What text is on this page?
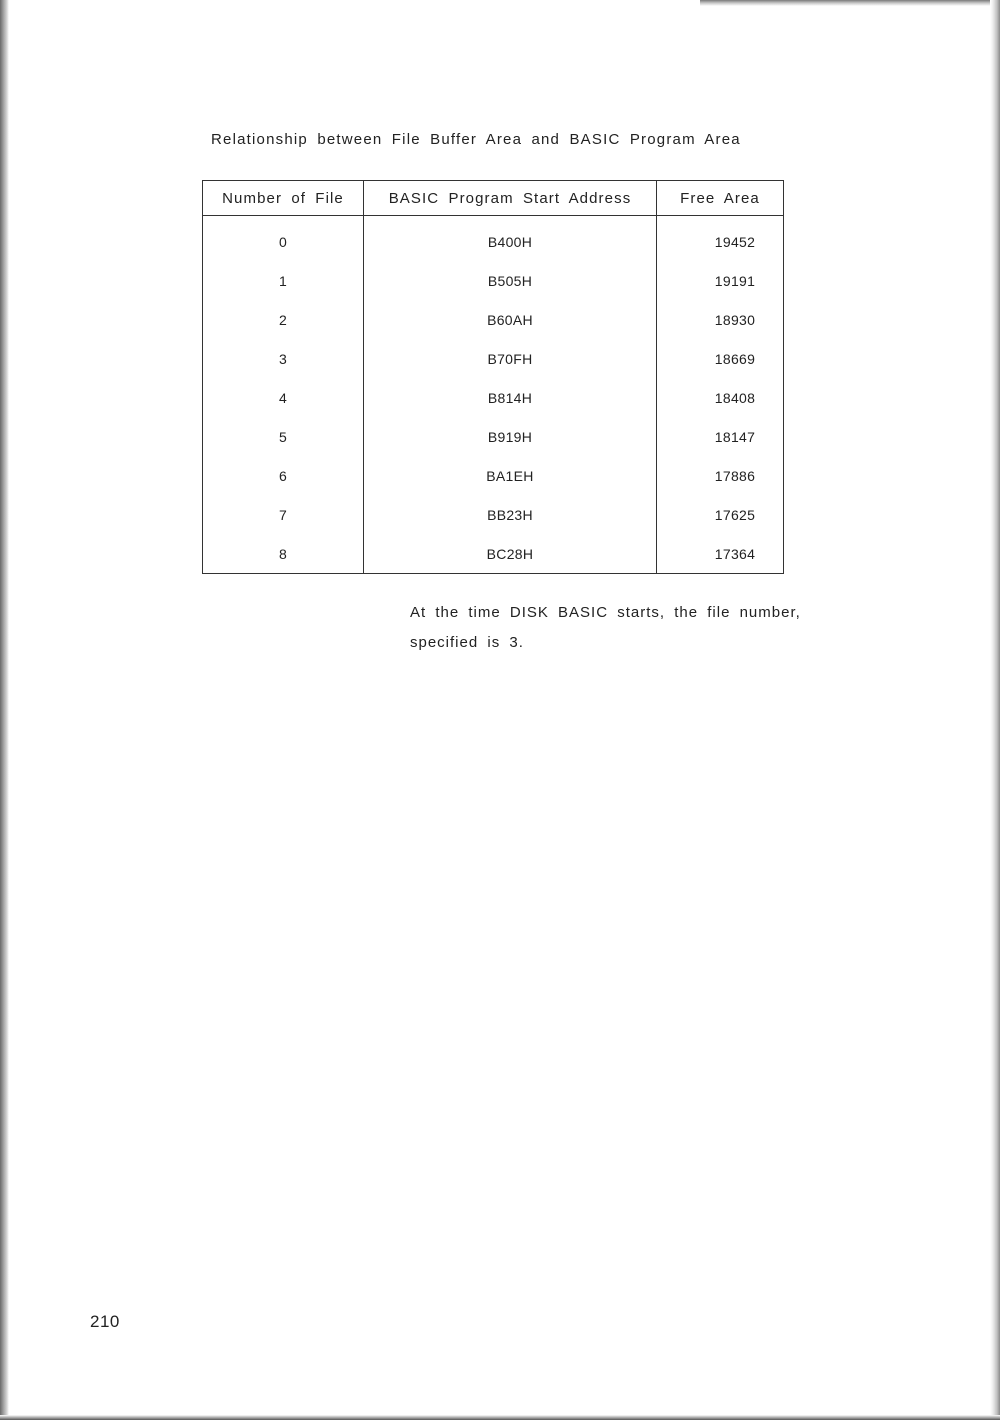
Relationship between File Buffer Area and BASIC Program Area
Number of File	BASIC Program Start Address	Free Area
0	B400H	19452
1	B505H	19191
2	B60AH	18930
3	B70FH	18669
4	B814H	18408
5	B919H	18147
6	BA1EH	17886
7	BB23H	17625
8	BC28H	17364
At the time DISK BASIC starts, the file number,
specified is 3.
210
